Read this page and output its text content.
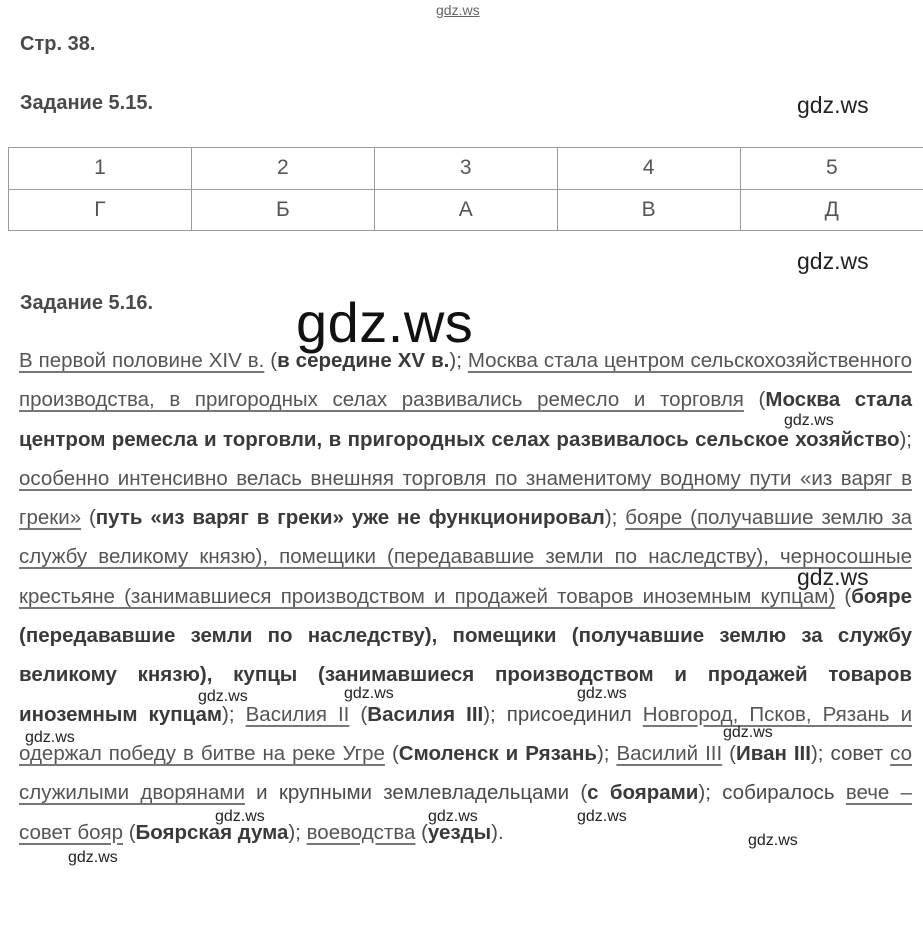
gdz.ws
gdz.ws
gdz.ws
gdz.ws
Стр. 38.
Задание 5.15.
1	2	3	4	5
Г	Б	А	В	Д
Задание 5.16.
В первой половине XIV в. (в середине XV в.); Москва стала центром сельскохозяйственного производства, в пригородных селах развивались ремесло и торговля (Москва стала центром ремесла и торговли, в пригородных селах развивалось сельское хозяйство); особенно интенсивно велась внешняя торговля по знаменитому водному пути «из варяг в греки» (путь «из варяг в греки» уже не функционировал); бояре (получавшие землю за службу великому князю), помещики (передававшие земли по наследству), черносошные крестьяне (занимавшиеся производством и продажей товаров иноземным купцам) (бояре (передававшие земли по наследству), помещики (получавшие землю за службу великому князю), купцы (занимавшиеся производством и продажей товаров иноземным купцам); Василия II (Василия III); присоединил Новгород, Псков, Рязань и одержал победу в битве на реке Угре (Смоленск и Рязань); Василий III (Иван III); совет со служилыми дворянами и крупными землевладельцами (с боярами); собиралось вече – совет бояр (Боярская дума); воеводства (уезды).
gdz.ws
gdz.ws
gdz.ws	gdz.ws	gdz.ws
gdz.ws	gdz.ws
gdz.ws	gdz.ws	gdz.ws
gdz.ws
gdz.ws
